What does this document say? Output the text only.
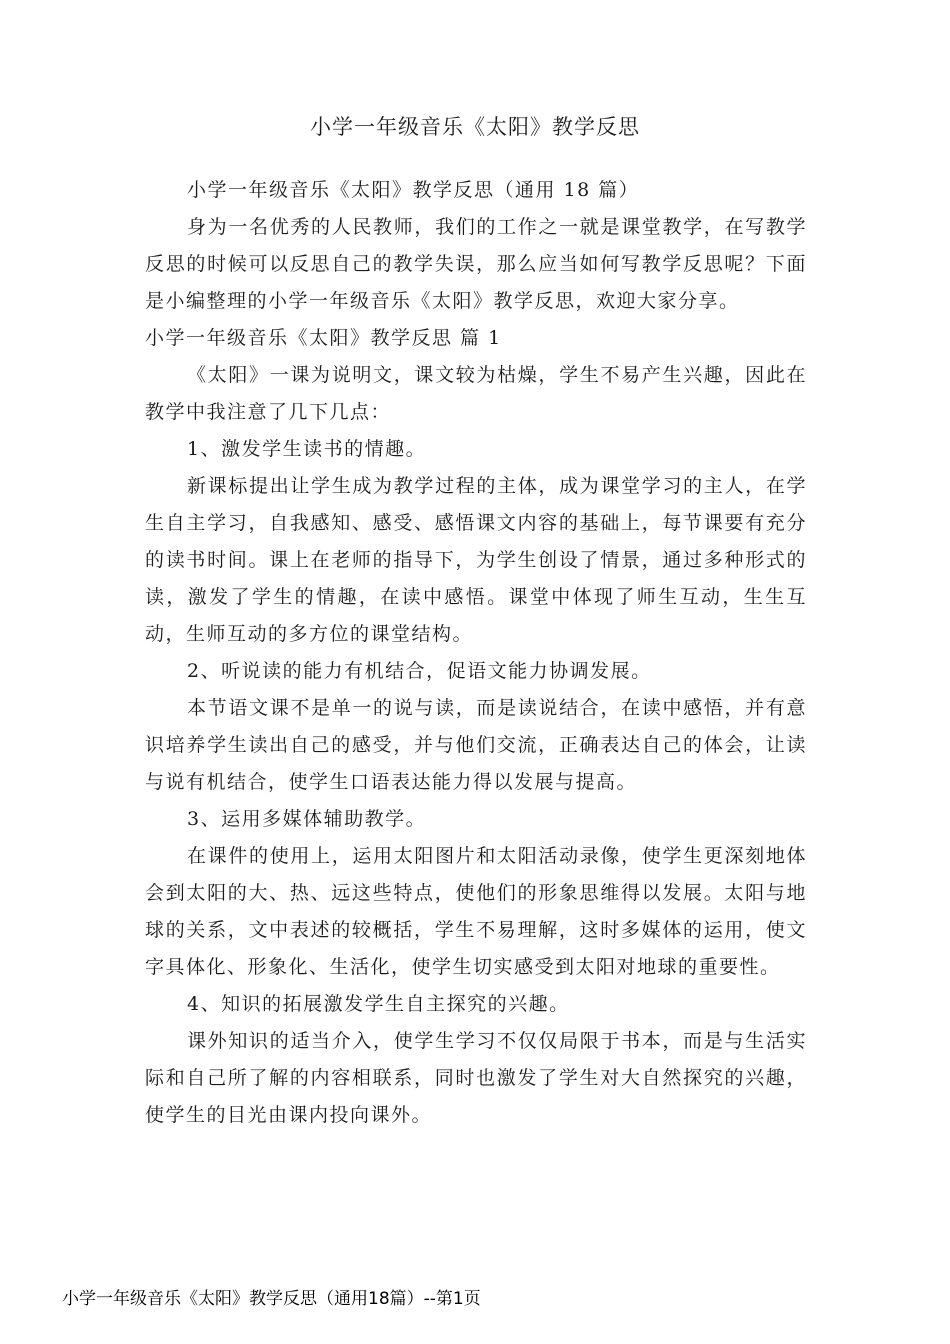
小学一年级音乐《太阳》教学反思

小学一年级音乐《太阳》教学反思（通用 18 篇）

身为一名优秀的人民教师，我们的工作之一就是课堂教学，在写教学反思的时候可以反思自己的教学失误，那么应当如何写教学反思呢？下面是小编整理的小学一年级音乐《太阳》教学反思，欢迎大家分享。

小学一年级音乐《太阳》教学反思 篇 1

《太阳》一课为说明文，课文较为枯燥，学生不易产生兴趣，因此在教学中我注意了几下几点：

1、激发学生读书的情趣。

新课标提出让学生成为教学过程的主体，成为课堂学习的主人，在学生自主学习，自我感知、感受、感悟课文内容的基础上，每节课要有充分的读书时间。课上在老师的指导下，为学生创设了情景，通过多种形式的读，激发了学生的情趣，在读中感悟。课堂中体现了师生互动，生生互动，生师互动的多方位的课堂结构。

2、听说读的能力有机结合，促语文能力协调发展。

本节语文课不是单一的说与读，而是读说结合，在读中感悟，并有意识培养学生读出自己的感受，并与他们交流，正确表达自己的体会，让读与说有机结合，使学生口语表达能力得以发展与提高。

3、运用多媒体辅助教学。

在课件的使用上，运用太阳图片和太阳活动录像，使学生更深刻地体会到太阳的大、热、远这些特点，使他们的形象思维得以发展。太阳与地球的关系，文中表述的较概括，学生不易理解，这时多媒体的运用，使文字具体化、形象化、生活化，使学生切实感受到太阳对地球的重要性。

4、知识的拓展激发学生自主探究的兴趣。

课外知识的适当介入，使学生学习不仅仅局限于书本，而是与生活实际和自己所了解的内容相联系，同时也激发了学生对大自然探究的兴趣，使学生的目光由课内投向课外。

小学一年级音乐《太阳》教学反思（通用18篇）--第1页
